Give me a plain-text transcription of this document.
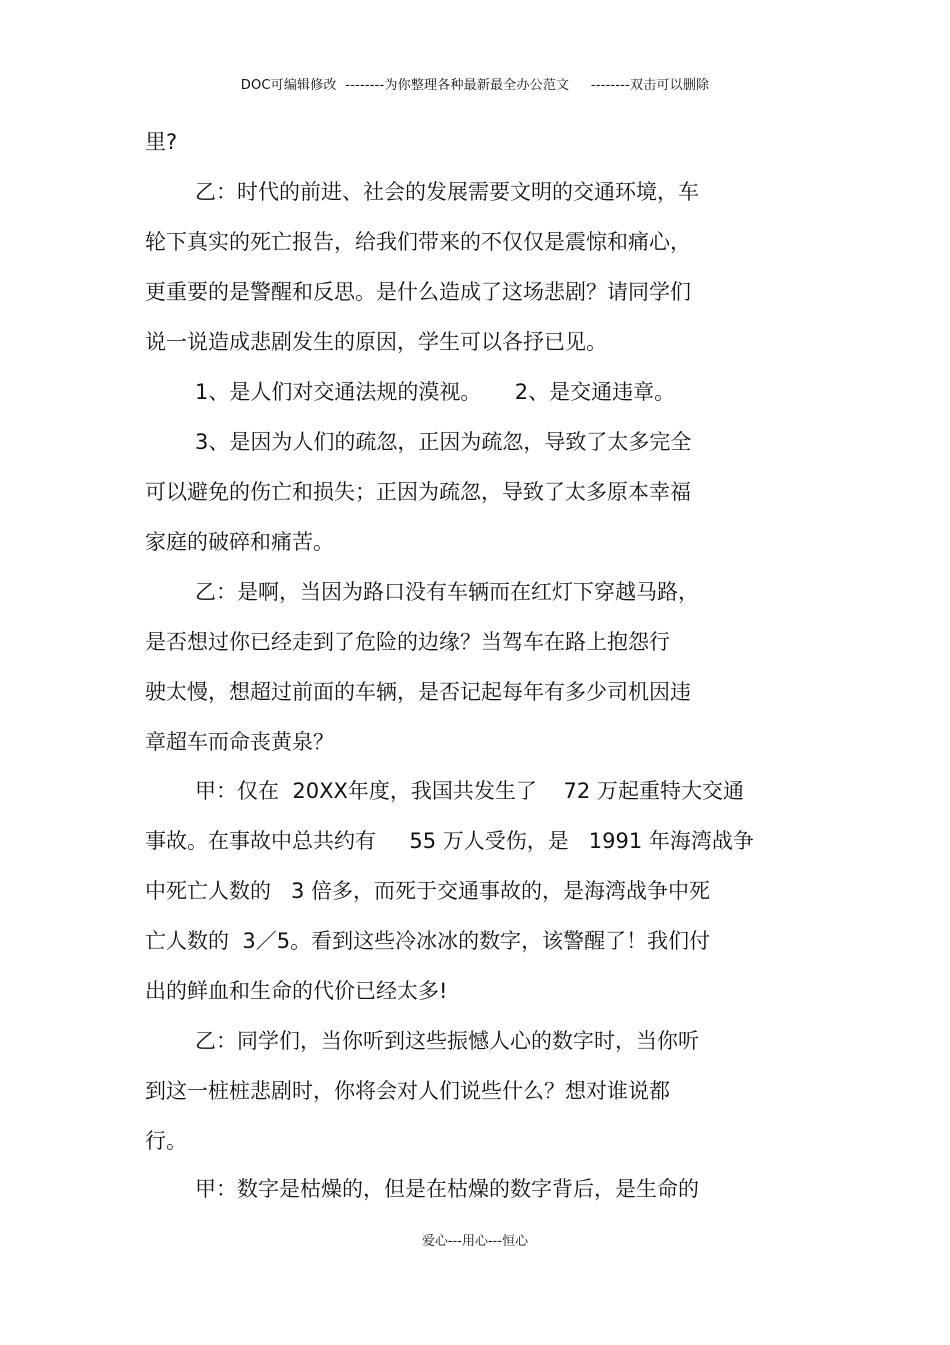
DOC可编辑修改  --------为你整理各种最新最全办公范文     --------双击可以删除
里?
乙：时代的前进、社会的发展需要文明的交通环境，车
轮下真实的死亡报告，给我们带来的不仅仅是震惊和痛心，
更重要的是警醒和反思。是什么造成了这场悲剧？请同学们
说一说造成悲剧发生的原因，学生可以各抒已见。
1、是人们对交通法规的漠视。     2、是交通违章。
3、是因为人们的疏忽，正因为疏忽，导致了太多完全
可以避免的伤亡和损失；正因为疏忽，导致了太多原本幸福
家庭的破碎和痛苦。
乙：是啊，当因为路口没有车辆而在红灯下穿越马路，
是否想过你已经走到了危险的边缘？当驾车在路上抱怨行
驶太慢，想超过前面的车辆，是否记起每年有多少司机因违
章超车而命丧黄泉？
甲：仅在  20XX年度，我国共发生了    72 万起重特大交通
事故。在事故中总共约有     55 万人受伤，是   1991 年海湾战争
中死亡人数的   3 倍多，而死于交通事故的，是海湾战争中死
亡人数的  3／5。看到这些冷冰冰的数字，该警醒了！我们付
出的鲜血和生命的代价已经太多!
乙：同学们，当你听到这些振憾人心的数字时，当你听
到这一桩桩悲剧时，你将会对人们说些什么？想对谁说都
行。
甲：数字是枯燥的，但是在枯燥的数字背后，是生命的
爱心---用心---恒心
